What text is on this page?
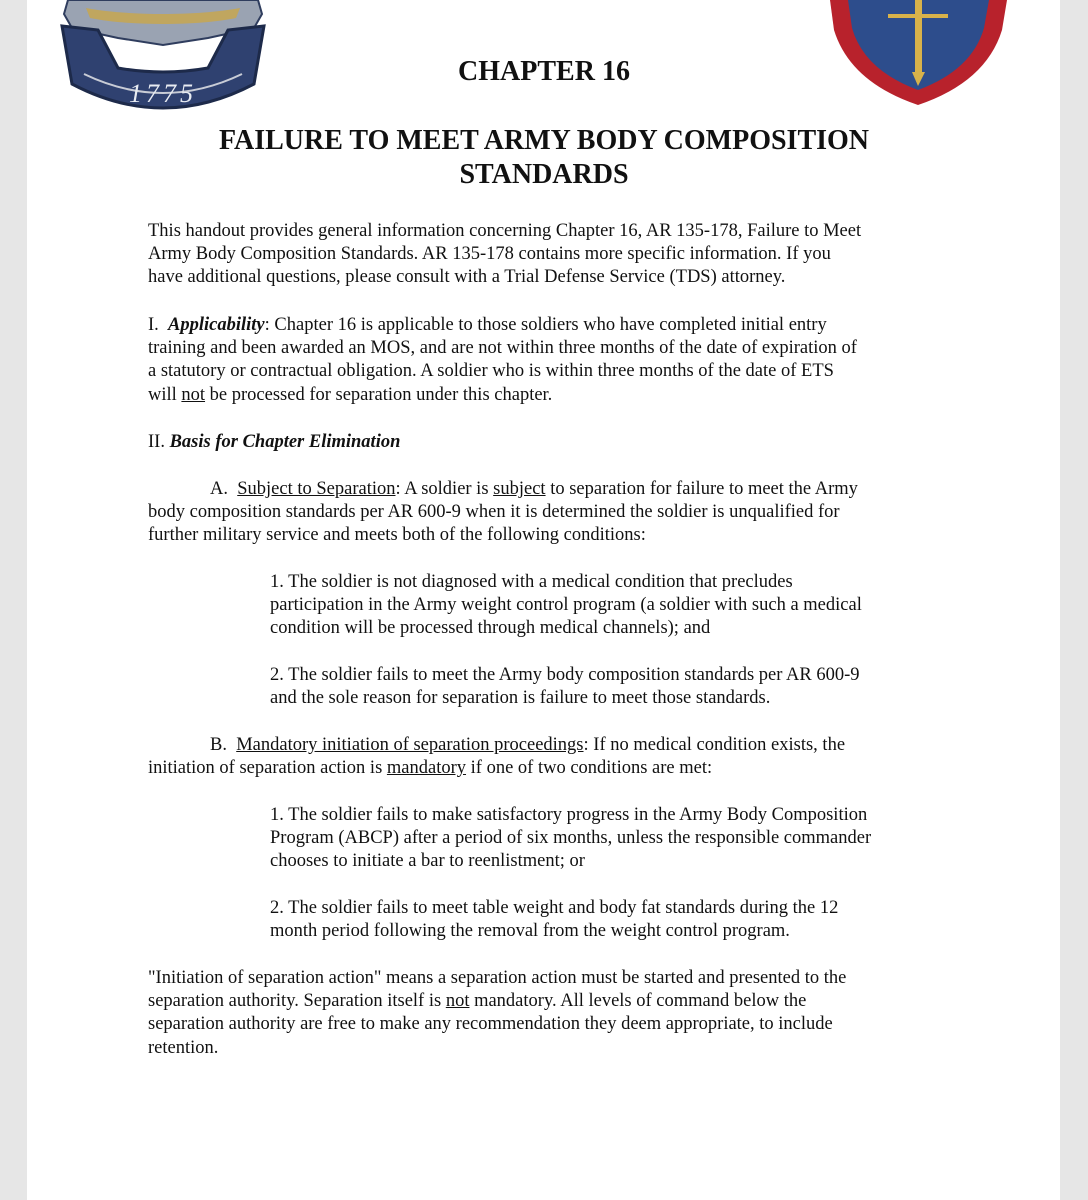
1775
CHAPTER 16
FAILURE TO MEET ARMY BODY COMPOSITION
STANDARDS

This handout provides general information concerning Chapter 16, AR 135-178, Failure to Meet
Army Body Composition Standards. AR 135-178 contains more specific information. If you
have additional questions, please consult with a Trial Defense Service (TDS) attorney.

I. Applicability: Chapter 16 is applicable to those soldiers who have completed initial entry
training and been awarded an MOS, and are not within three months of the date of expiration of
a statutory or contractual obligation. A soldier who is within three months of the date of ETS
will not be processed for separation under this chapter.

II. Basis for Chapter Elimination

A. Subject to Separation: A soldier is subject to separation for failure to meet the Army
body composition standards per AR 600-9 when it is determined the soldier is unqualified for
further military service and meets both of the following conditions:

1. The soldier is not diagnosed with a medical condition that precludes
participation in the Army weight control program (a soldier with such a medical
condition will be processed through medical channels); and

2. The soldier fails to meet the Army body composition standards per AR 600-9
and the sole reason for separation is failure to meet those standards.

B. Mandatory initiation of separation proceedings: If no medical condition exists, the
initiation of separation action is mandatory if one of two conditions are met:

1. The soldier fails to make satisfactory progress in the Army Body Composition
Program (ABCP) after a period of six months, unless the responsible commander
chooses to initiate a bar to reenlistment; or

2. The soldier fails to meet table weight and body fat standards during the 12
month period following the removal from the weight control program.

"Initiation of separation action" means a separation action must be started and presented to the
separation authority. Separation itself is not mandatory. All levels of command below the
separation authority are free to make any recommendation they deem appropriate, to include
retention.
